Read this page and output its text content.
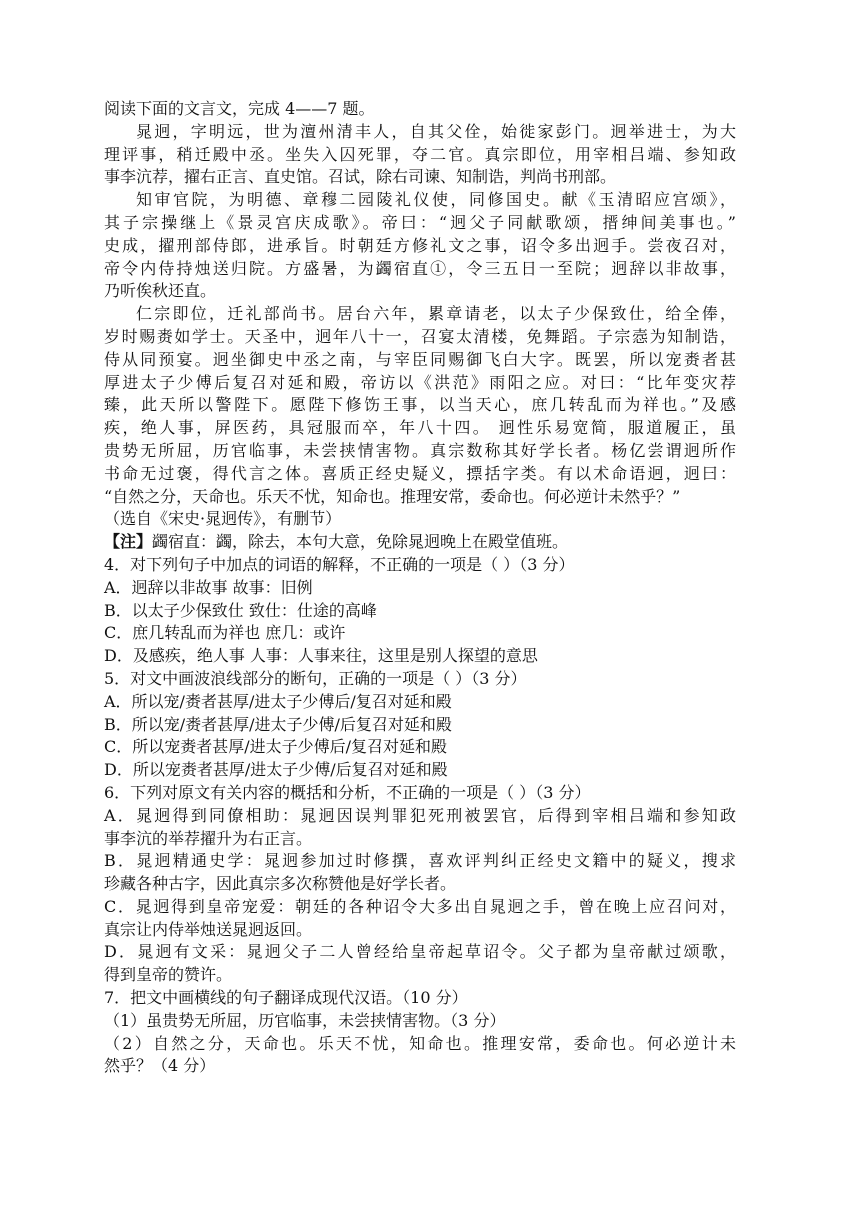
阅读下面的文言文，完成 4——7 题。
晁迥，字明远，世为澶州清丰人，自其父佺，始徙家彭门。迥举进士，为大
理评事，稍迁殿中丞。坐失入囚死罪，夺二官。真宗即位，用宰相吕端、参知政
事李沆荐，擢右正言、直史馆。召试，除右司谏、知制诰，判尚书刑部。
知审官院，为明德、章穆二园陵礼仪使，同修国史。献《玉清昭应宫颂》，
其子宗操继上《景灵宫庆成歌》。帝曰：“迥父子同献歌颂，搢绅间美事也。”
史成，擢刑部侍郎，进承旨。时朝廷方修礼文之事，诏令多出迥手。尝夜召对，
帝令内侍持烛送归院。方盛暑，为蠲宿直①，令三五日一至院；迥辞以非故事，
乃听俟秋还直。
仁宗即位，迁礼部尚书。居台六年，累章请老，以太子少保致仕，给全俸，
岁时赐赉如学士。天圣中，迥年八十一，召宴太清楼，免舞蹈。子宗悫为知制诰，
侍从同预宴。迥坐御史中丞之南，与宰臣同赐御飞白大字。既罢，所以宠赉者甚
厚进太子少傅后复召对延和殿，帝访以《洪范》雨阳之应。对曰：“比年变灾荐
臻，此天所以警陛下。愿陛下修饬王事，以当天心，庶几转乱而为祥也。”及感
疾，绝人事，屏医药，具冠服而卒，年八十四。 迥性乐易宽简，服道履正，虽
贵势无所屈，历官临事，未尝挟情害物。真宗数称其好学长者。杨亿尝谓迥所作
书命无过褒，得代言之体。喜质正经史疑义，摽括字类。有以术命语迥，迥曰：
“自然之分，天命也。乐天不忧，知命也。推理安常，委命也。何必逆计未然乎？”
（选自《宋史·晁迥传》，有删节）
【注】蠲宿直：蠲，除去，本句大意，免除晁迥晚上在殿堂值班。
4．对下列句子中加点的词语的解释，不正确的一项是（ ）（3 分）
A．迥辞以非故事 故事：旧例
B．以太子少保致仕 致仕：仕途的高峰
C．庶几转乱而为祥也 庶几：或许
D．及感疾，绝人事 人事：人事来往，这里是别人探望的意思
5．对文中画波浪线部分的断句，正确的一项是（ ）（3 分）
A．所以宠/赉者甚厚/进太子少傅后/复召对延和殿
B．所以宠/赉者甚厚/进太子少傅/后复召对延和殿
C．所以宠赉者甚厚/进太子少傅后/复召对延和殿
D．所以宠赉者甚厚/进太子少傅/后复召对延和殿
6．下列对原文有关内容的概括和分析，不正确的一项是（ ）（3 分）
A．晁迥得到同僚相助：晁迥因误判罪犯死刑被罢官，后得到宰相吕端和参知政
事李沆的举荐擢升为右正言。
B．晁迥精通史学：晁迥参加过时修撰，喜欢评判纠正经史文籍中的疑义，搜求
珍藏各种古字，因此真宗多次称赞他是好学长者。
C．晁迥得到皇帝宠爱：朝廷的各种诏令大多出自晁迥之手，曾在晚上应召问对，
真宗让内侍举烛送晁迥返回。
D．晁迥有文采：晁迥父子二人曾经给皇帝起草诏令。父子都为皇帝献过颂歌，
得到皇帝的赞许。
7．把文中画横线的句子翻译成现代汉语。（10 分）
（1）虽贵势无所屈，历官临事，未尝挟情害物。（3 分）
（2）自然之分，天命也。乐天不忧，知命也。推理安常，委命也。何必逆计未
然乎？（4 分）
